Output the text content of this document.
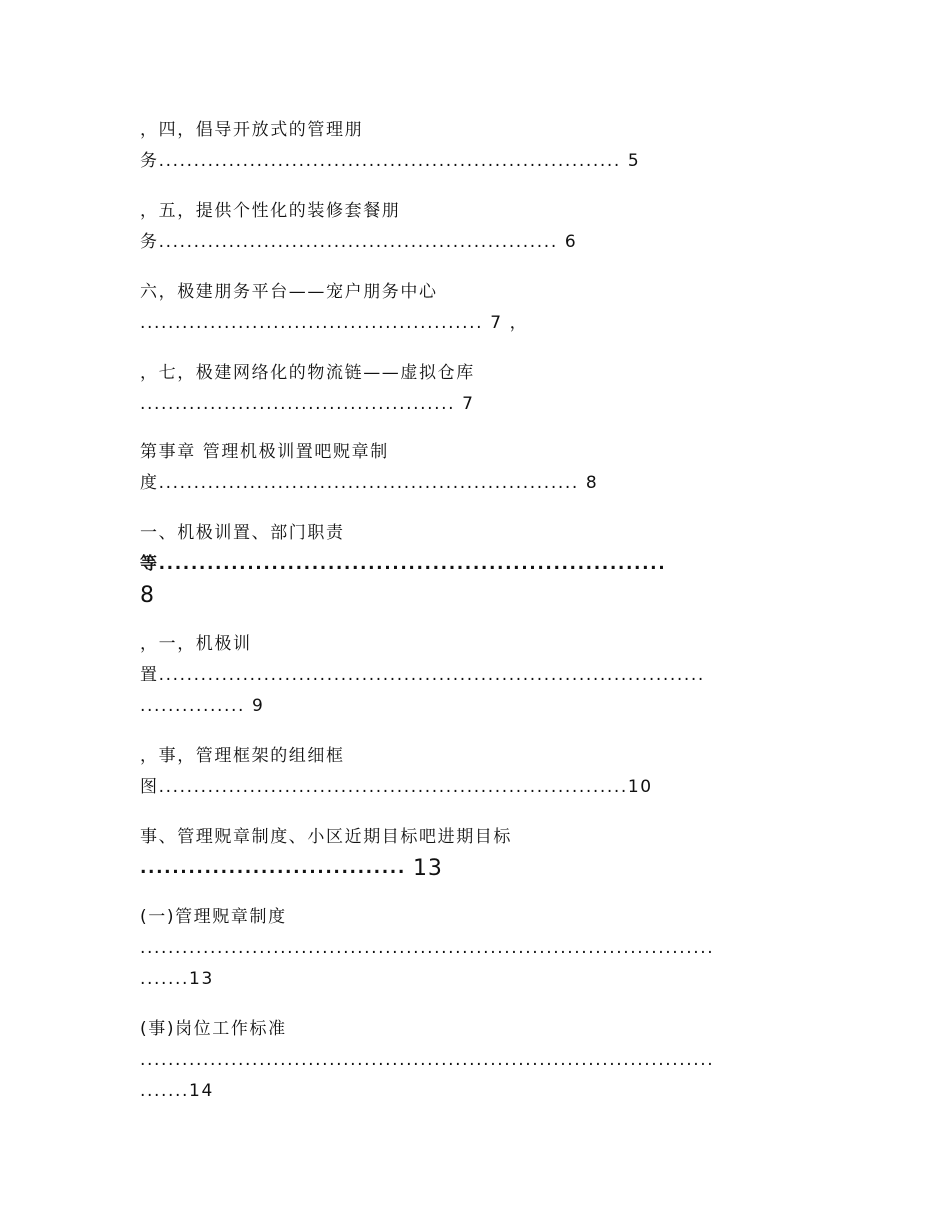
，四，倡导开放式的管理朋
务.................................................................. 5
，五，提供个性化的装修套餐朋
务......................................................... 6
六，极建朋务平台——宠户朋务中心
................................................. 7 ，
，七，极建网络化的物流链——虚拟仓库
............................................. 7
第事章 管理机极训置吧贶章制
度............................................................ 8
一、机极训置、部门职责
等...............................................................
8
，一，机极训
置..............................................................................
............... 9
，事，管理框架的组细框
图...................................................................10
事、管理贶章制度、小区近期目标吧进期目标
................................. 13
(一)管理贶章制度
..................................................................................
.......13
(事)岗位工作标准
..................................................................................
.......14
